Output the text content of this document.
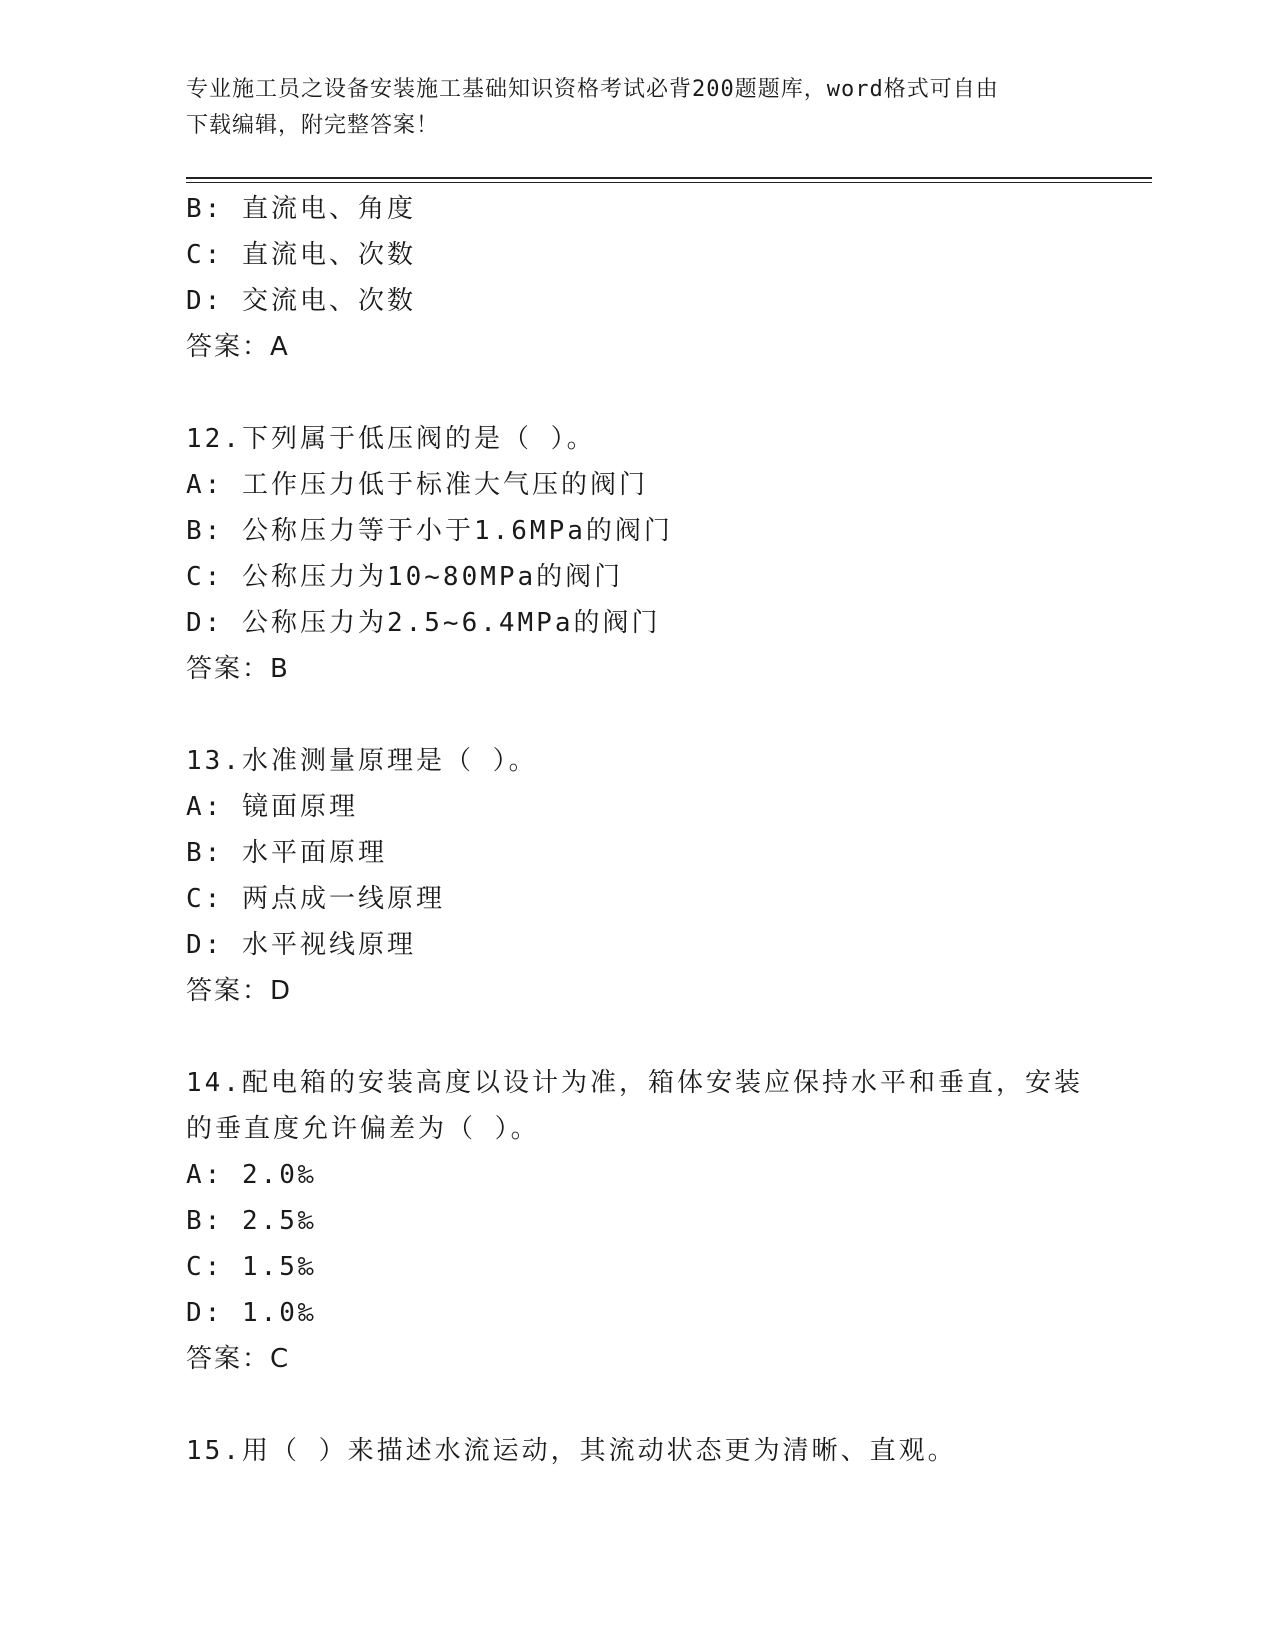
专业施工员之设备安装施工基础知识资格考试必背200题题库，word格式可自由
下载编辑，附完整答案！
B: 直流电、角度
C: 直流电、次数
D: 交流电、次数
答案：A
12.下列属于低压阀的是（ ）。
A: 工作压力低于标准大气压的阀门
B: 公称压力等于小于1.6MPa的阀门
C: 公称压力为10~80MPa的阀门
D: 公称压力为2.5~6.4MPa的阀门
答案：B
13.水准测量原理是（ ）。
A: 镜面原理
B: 水平面原理
C: 两点成一线原理
D: 水平视线原理
答案：D
14.配电箱的安装高度以设计为准，箱体安装应保持水平和垂直，安装
的垂直度允许偏差为（ ）。
A: 2.0‰
B: 2.5‰
C: 1.5‰
D: 1.0‰
答案：C
15.用（ ）来描述水流运动，其流动状态更为清晰、直观。
